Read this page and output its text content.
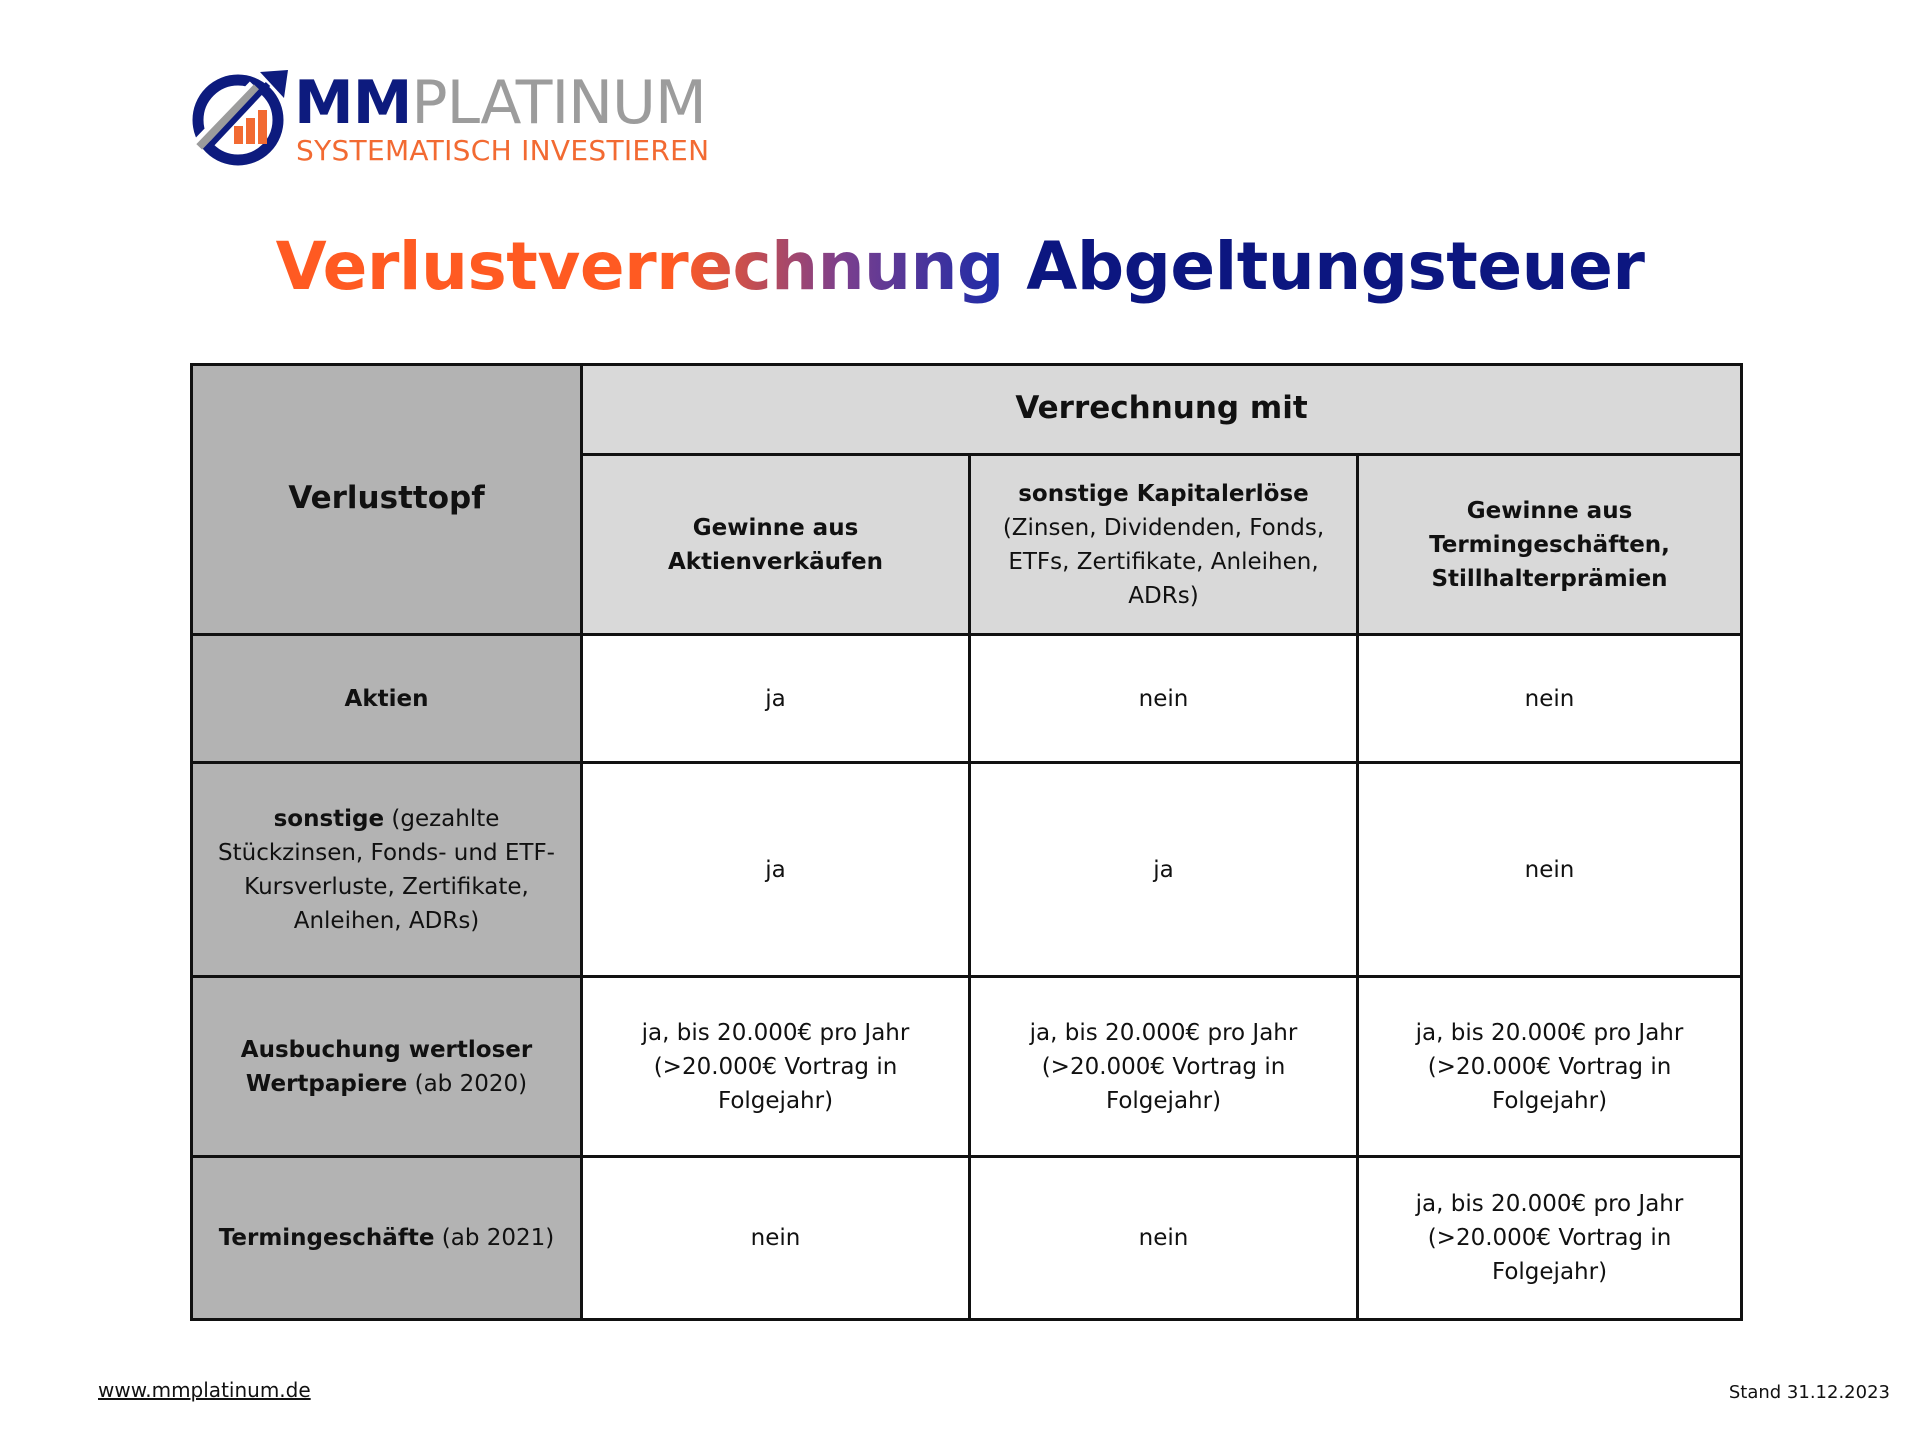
MMPLATINUM
SYSTEMATISCH INVESTIEREN
Verlustverrechnung Abgeltungsteuer
Verlusttopf	Verrechnung mit		
	Gewinne aus Aktienverkäufen	sonstige Kapitalerlöse (Zinsen, Dividenden, Fonds, ETFs, Zertifikate, Anleihen, ADRs)	Gewinne aus Termingeschäften, Stillhalterprämien
Aktien	ja	nein	nein
sonstige (gezahlte Stückzinsen, Fonds- und ETF-Kursverluste, Zertifikate, Anleihen, ADRs)	ja	ja	nein
Ausbuchung wertloser Wertpapiere (ab 2020)	ja, bis 20.000€ pro Jahr (>20.000€ Vortrag in Folgejahr)	ja, bis 20.000€ pro Jahr (>20.000€ Vortrag in Folgejahr)	ja, bis 20.000€ pro Jahr (>20.000€ Vortrag in Folgejahr)
Termingeschäfte (ab 2021)	nein	nein	ja, bis 20.000€ pro Jahr (>20.000€ Vortrag in Folgejahr)
www.mmplatinum.de	Stand 31.12.2023
